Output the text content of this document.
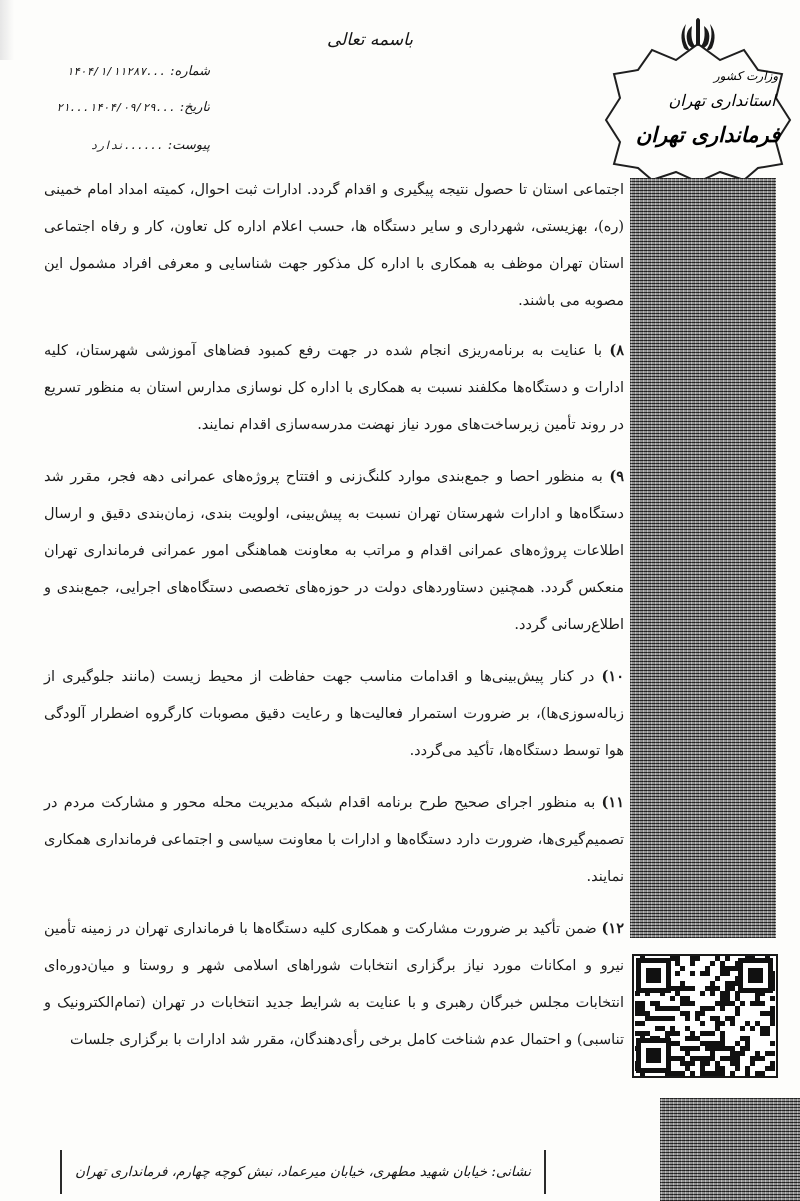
باسمه تعالی
شماره: ...۱۴۰۴/۱/۱۱۲۸۷
تاریخ: ...۱۴۰۴/۰۹/۲۹...۲۱
پیوست: ......ندارد
وزارت کشور
استانداری تهران
فرمانداری تهران

اجتماعی استان تا حصول نتیجه پیگیری و اقدام گردد. ادارات ثبت احوال، کمیته امداد امام خمینی (ره)، بهزیستی، شهرداری و سایر دستگاه ها، حسب اعلام اداره کل تعاون، کار و رفاه اجتماعی استان تهران موظف به همکاری با اداره کل مذکور جهت شناسایی و معرفی افراد مشمول این مصوبه می باشند.

۸) با عنایت به برنامه‌ریزی انجام شده در جهت رفع کمبود فضاهای آموزشی شهرستان، کلیه ادارات و دستگاه‌ها مکلفند نسبت به همکاری با اداره کل نوسازی مدارس استان به منظور تسریع در روند تأمین زیرساخت‌های مورد نیاز نهضت مدرسه‌سازی اقدام نمایند.

۹) به منظور احصا و جمع‌بندی موارد کلنگ‌زنی و افتتاح پروژه‌های عمرانی دهه فجر، مقرر شد دستگاه‌ها و ادارات شهرستان تهران نسبت به پیش‌بینی، اولویت بندی، زمان‌بندی دقیق و ارسال اطلاعات پروژه‌های عمرانی اقدام و مراتب به معاونت هماهنگی امور عمرانی فرمانداری تهران منعکس گردد. همچنین دستاوردهای دولت در حوزه‌های تخصصی دستگاه‌های اجرایی، جمع‌بندی و اطلاع‌رسانی گردد.

۱۰) در کنار پیش‌بینی‌ها و اقدامات مناسب جهت حفاظت از محیط زیست (مانند جلوگیری از زباله‌سوزی‌ها)، بر ضرورت استمرار فعالیت‌ها و رعایت دقیق مصوبات کارگروه اضطرار آلودگی هوا توسط دستگاه‌ها، تأکید می‌گردد.

۱۱) به منظور اجرای صحیح طرح برنامه اقدام شبکه مدیریت محله محور و مشارکت مردم در تصمیم‌گیری‌ها، ضرورت دارد دستگاه‌ها و ادارات با معاونت سیاسی و اجتماعی فرمانداری همکاری نمایند.

۱۲) ضمن تأکید بر ضرورت مشارکت و همکاری کلیه دستگاه‌ها با فرمانداری تهران در زمینه تأمین نیرو و امکانات مورد نیاز برگزاری انتخابات شوراهای اسلامی شهر و روستا و میان‌دوره‌ای انتخابات مجلس خبرگان رهبری و با عنایت به شرایط جدید انتخابات در تهران (تمام‌الکترونیک و تناسبی) و احتمال عدم شناخت کامل برخی رأی‌دهندگان، مقرر شد ادارات با برگزاری جلسات

نشانی: خیابان شهید مطهری، خیابان میرعماد، نبش کوچه چهارم، فرمانداری تهران
